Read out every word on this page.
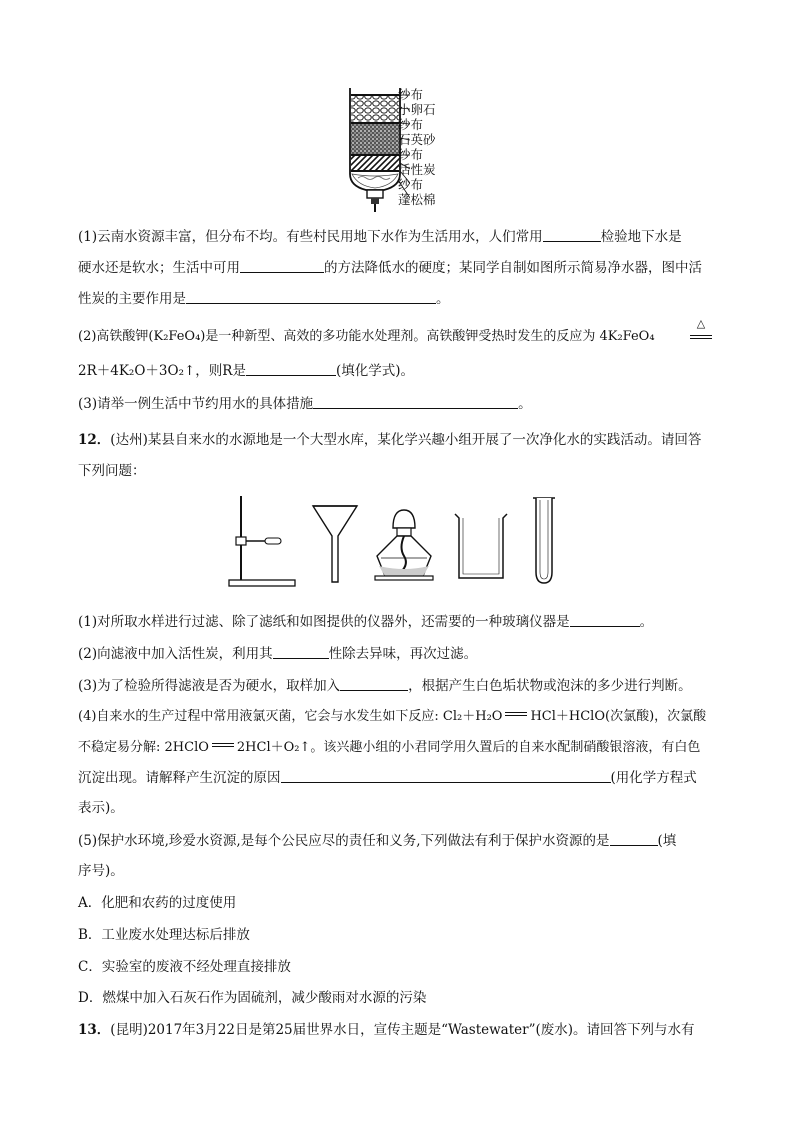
纱布
小卵石
纱布
石英砂
纱布
活性炭
纱布
蓬松棉
(1)云南水资源丰富，但分布不均。有些村民用地下水作为生活用水，人们常用	检验地下水是
硬水还是软水；生活中可用	的方法降低水的硬度；某同学自制如图所示简易净水器，图中活
性炭的主要作用是	。
(2)高铁酸钾(K₂FeO₄)是一种新型、高效的多功能水处理剂。高铁酸钾受热时发生的反应为 4K₂FeO₄
△
2R＋4K₂O＋3O₂↑，则R是	(填化学式)。
(3)请举一例生活中节约用水的具体措施	。
12．(达州)某县自来水的水源地是一个大型水库，某化学兴趣小组开展了一次净化水的实践活动。请回答
下列问题：
(1)对所取水样进行过滤、除了滤纸和如图提供的仪器外，还需要的一种玻璃仪器是	。
(2)向滤液中加入活性炭，利用其	性除去异味，再次过滤。
(3)为了检验所得滤液是否为硬水，取样加入	，根据产生白色垢状物或泡沫的多少进行判断。
(4)自来水的生产过程中常用液氯灭菌，它会与水发生如下反应: Cl₂＋H₂O HCl＋HClO(次氯酸)，次氯酸
不稳定易分解: 2HClO 2HCl＋O₂↑。该兴趣小组的小君同学用久置后的自来水配制硝酸银溶液，有白色
沉淀出现。请解释产生沉淀的原因	(用化学方程式
表示)。
(5)保护水环境,珍爱水资源,是每个公民应尽的责任和义务,下列做法有利于保护水资源的是	(填
序号)。
A．化肥和农药的过度使用
B．工业废水处理达标后排放
C．实验室的废液不经处理直接排放
D．燃煤中加入石灰石作为固硫剂，减少酸雨对水源的污染
13．(昆明)2017年3月22日是第25届世界水日，宣传主题是“Wastewater”(废水)。请回答下列与水有
